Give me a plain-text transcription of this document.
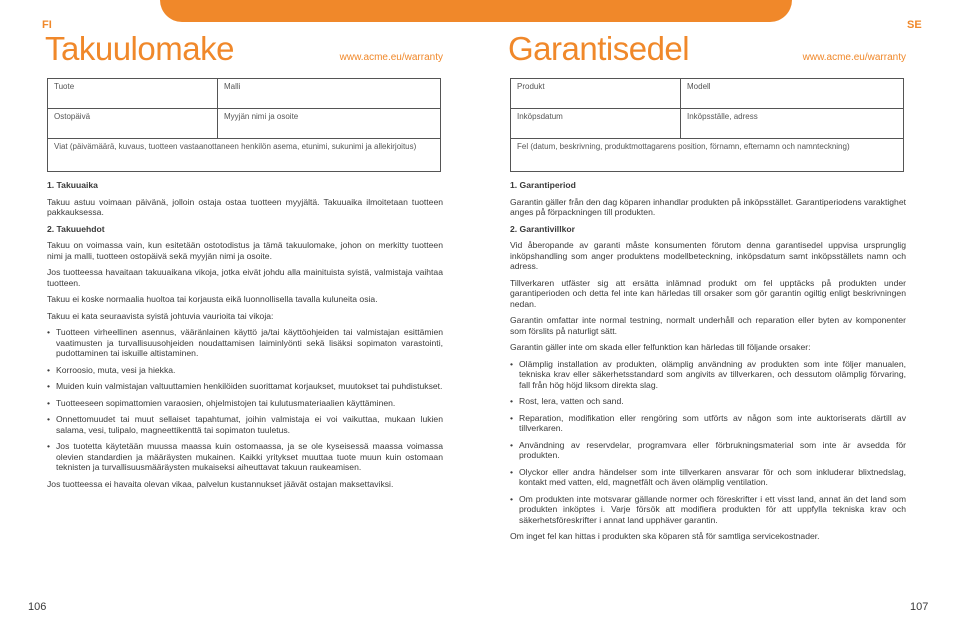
FI	SE
Takuulomake	www.acme.eu/warranty
Tuote	Malli
Ostopäivä	Myyjän nimi ja osoite
Viat (päivämäärä, kuvaus, tuotteen vastaanottaneen henkilön asema, etunimi, sukunimi ja allekirjoitus)
1. Takuuaika

Takuu astuu voimaan päivänä, jolloin ostaja ostaa tuotteen myyjältä. Takuuaika ilmoitetaan tuotteen pakkauksessa.

2. Takuuehdot

Takuu on voimassa vain, kun esitetään ostotodistus ja tämä takuulomake, johon on merkitty tuotteen nimi ja malli, tuotteen ostopäivä sekä myyjän nimi ja osoite.

Jos tuotteessa havaitaan takuuaikana vikoja, jotka eivät johdu alla mainituista syistä, valmistaja vaihtaa tuotteen.

Takuu ei koske normaalia huoltoa tai korjausta eikä luonnollisella tavalla kuluneita osia.

Takuu ei kata seuraavista syistä johtuvia vaurioita tai vikoja:

• Tuotteen virheellinen asennus, vääränlainen käyttö ja/tai käyttöohjeiden tai valmistajan esittämien vaatimusten ja turvallisuusohjeiden noudattamisen laiminlyönti sekä lisäksi sopimaton varastointi, pudottaminen tai iskuille altistaminen.
• Korroosio, muta, vesi ja hiekka.
• Muiden kuin valmistajan valtuuttamien henkilöiden suorittamat korjaukset, muutokset tai puhdistukset.
• Tuotteeseen sopimattomien varaosien, ohjelmistojen tai kulutusmateriaalien käyttäminen.
• Onnettomuudet tai muut sellaiset tapahtumat, joihin valmistaja ei voi vaikuttaa, mukaan lukien salama, vesi, tulipalo, magneettikenttä tai sopimaton tuuletus.
• Jos tuotetta käytetään muussa maassa kuin ostomaassa, ja se ole kyseisessä maassa voimassa olevien standardien ja määräysten mukainen. Kaikki yritykset muuttaa tuote muun kuin ostomaan teknisten ja turvallisuusmääräysten mukaiseksi aiheuttavat takuun raukeamisen.

Jos tuotteessa ei havaita olevan vikaa, palvelun kustannukset jäävät ostajan maksettaviksi.

Garantisedel	www.acme.eu/warranty
Produkt	Modell
Inköpsdatum	Inköpsställe, adress
Fel (datum, beskrivning, produktmottagarens position, förnamn, efternamn och namnteckning)
1. Garantiperiod

Garantin gäller från den dag köparen inhandlar produkten på inköpsstället. Garantiperiodens varaktighet anges på förpackningen till produkten.

2. Garantivillkor

Vid åberopande av garanti måste konsumenten förutom denna garantisedel uppvisa ursprunglig inköpshandling som anger produktens modellbeteckning, inköpsdatum samt inköpsställets namn och adress.

Tillverkaren utfäster sig att ersätta inlämnad produkt om fel upptäcks på produkten under garantiperioden och detta fel inte kan härledas till orsaker som gör garantin ogiltig enligt beskrivningen nedan.

Garantin omfattar inte normal testning, normalt underhåll och reparation eller byten av komponenter som förslits på naturligt sätt.

Garantin gäller inte om skada eller felfunktion kan härledas till följande orsaker:

• Olämplig installation av produkten, olämplig användning av produkten som inte följer manualen, tekniska krav eller säkerhetsstandard som angivits av tillverkaren, och dessutom olämplig förvaring, fall från hög höjd liksom direkta slag.
• Rost, lera, vatten och sand.
• Reparation, modifikation eller rengöring som utförts av någon som inte auktoriserats därtill av tillverkaren.
• Användning av reservdelar, programvara eller förbrukningsmaterial som inte är avsedda för produkten.
• Olyckor eller andra händelser som inte tillverkaren ansvarar för och som inkluderar blixtnedslag, kontakt med vatten, eld, magnetfält och även olämplig ventilation.
• Om produkten inte motsvarar gällande normer och föreskrifter i ett visst land, annat än det land som produkten inköptes i. Varje försök att modifiera produkten för att uppfylla tekniska krav och säkerhetsföreskrifter i annat land upphäver garantin.

Om inget fel kan hittas i produkten ska köparen stå för samtliga servicekostnader.

106	107
